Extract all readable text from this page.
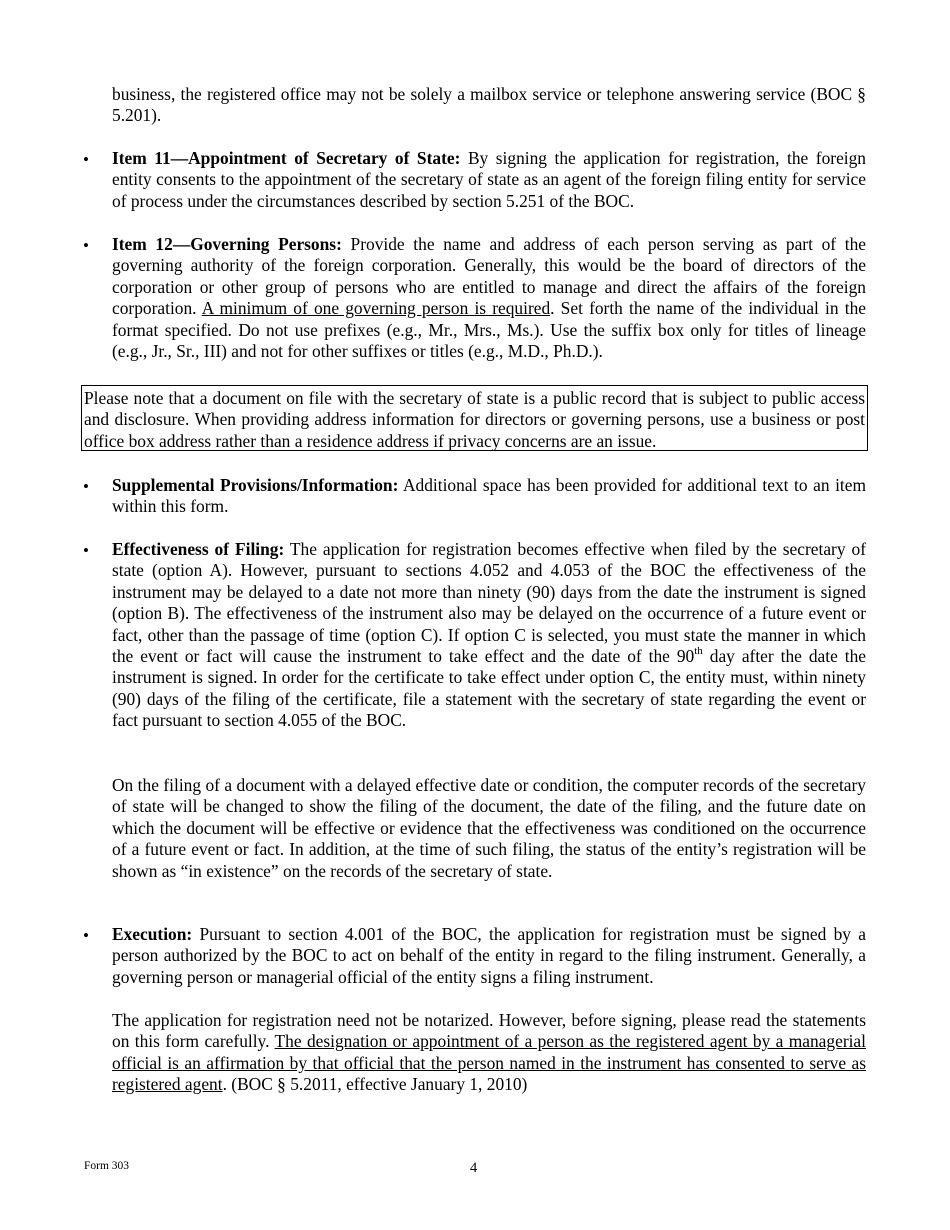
business, the registered office may not be solely a mailbox service or telephone answering service (BOC § 5.201).

• Item 11—Appointment of Secretary of State: By signing the application for registration, the foreign entity consents to the appointment of the secretary of state as an agent of the foreign filing entity for service of process under the circumstances described by section 5.251 of the BOC.

• Item 12—Governing Persons: Provide the name and address of each person serving as part of the governing authority of the foreign corporation. Generally, this would be the board of directors of the corporation or other group of persons who are entitled to manage and direct the affairs of the foreign corporation. A minimum of one governing person is required. Set forth the name of the individual in the format specified. Do not use prefixes (e.g., Mr., Mrs., Ms.). Use the suffix box only for titles of lineage (e.g., Jr., Sr., III) and not for other suffixes or titles (e.g., M.D., Ph.D.).

Please note that a document on file with the secretary of state is a public record that is subject to public access and disclosure. When providing address information for directors or governing persons, use a business or post office box address rather than a residence address if privacy concerns are an issue.

• Supplemental Provisions/Information: Additional space has been provided for additional text to an item within this form.

• Effectiveness of Filing: The application for registration becomes effective when filed by the secretary of state (option A). However, pursuant to sections 4.052 and 4.053 of the BOC the effectiveness of the instrument may be delayed to a date not more than ninety (90) days from the date the instrument is signed (option B). The effectiveness of the instrument also may be delayed on the occurrence of a future event or fact, other than the passage of time (option C). If option C is selected, you must state the manner in which the event or fact will cause the instrument to take effect and the date of the 90th day after the date the instrument is signed. In order for the certificate to take effect under option C, the entity must, within ninety (90) days of the filing of the certificate, file a statement with the secretary of state regarding the event or fact pursuant to section 4.055 of the BOC.

On the filing of a document with a delayed effective date or condition, the computer records of the secretary of state will be changed to show the filing of the document, the date of the filing, and the future date on which the document will be effective or evidence that the effectiveness was conditioned on the occurrence of a future event or fact. In addition, at the time of such filing, the status of the entity’s registration will be shown as “in existence” on the records of the secretary of state.

• Execution: Pursuant to section 4.001 of the BOC, the application for registration must be signed by a person authorized by the BOC to act on behalf of the entity in regard to the filing instrument. Generally, a governing person or managerial official of the entity signs a filing instrument.

The application for registration need not be notarized. However, before signing, please read the statements on this form carefully. The designation or appointment of a person as the registered agent by a managerial official is an affirmation by that official that the person named in the instrument has consented to serve as registered agent. (BOC § 5.2011, effective January 1, 2010)

Form 303	4
